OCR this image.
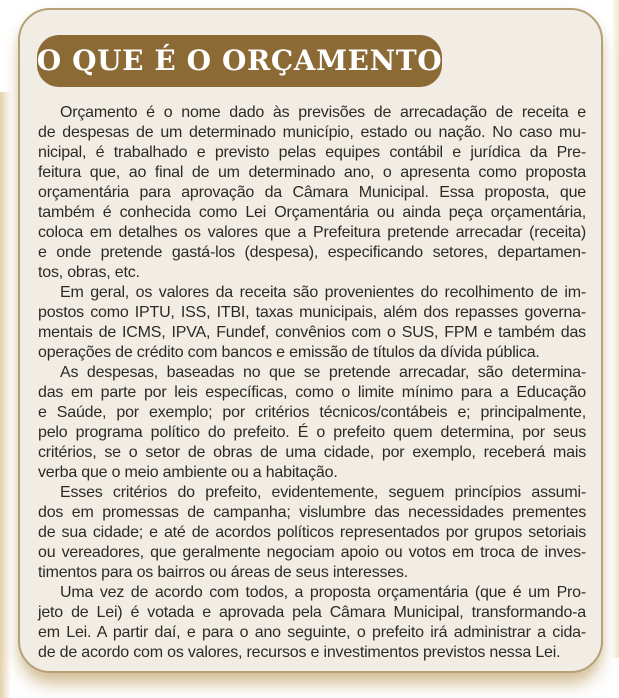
O QUE É O ORÇAMENTO
Orçamento é o nome dado às previsões de arrecadação de receita e
de despesas de um determinado município, estado ou nação. No caso mu-
nicipal, é trabalhado e previsto pelas equipes contábil e jurídica da Pre-
feitura que, ao final de um determinado ano, o apresenta como proposta
orçamentária para aprovação da Câmara Municipal. Essa proposta, que
também é conhecida como Lei Orçamentária ou ainda peça orçamentária,
coloca em detalhes os valores que a Prefeitura pretende arrecadar (receita)
e onde pretende gastá-los (despesa), especificando setores, departamen-
tos, obras, etc.
Em geral, os valores da receita são provenientes do recolhimento de im-
postos como IPTU, ISS, ITBI, taxas municipais, além dos repasses governa-
mentais de ICMS, IPVA, Fundef, convênios com o SUS, FPM e também das
operações de crédito com bancos e emissão de títulos da dívida pública.
As despesas, baseadas no que se pretende arrecadar, são determina-
das em parte por leis específicas, como o limite mínimo para a Educação
e Saúde, por exemplo; por critérios técnicos/contábeis e; principalmente,
pelo programa político do prefeito. É o prefeito quem determina, por seus
critérios, se o setor de obras de uma cidade, por exemplo, receberá mais
verba que o meio ambiente ou a habitação.
Esses critérios do prefeito, evidentemente, seguem princípios assumi-
dos em promessas de campanha; vislumbre das necessidades prementes
de sua cidade; e até de acordos políticos representados por grupos setoriais
ou vereadores, que geralmente negociam apoio ou votos em troca de inves-
timentos para os bairros ou áreas de seus interesses.
Uma vez de acordo com todos, a proposta orçamentária (que é um Pro-
jeto de Lei) é votada e aprovada pela Câmara Municipal, transformando-a
em Lei. A partir daí, e para o ano seguinte, o prefeito irá administrar a cida-
de de acordo com os valores, recursos e investimentos previstos nessa Lei.
